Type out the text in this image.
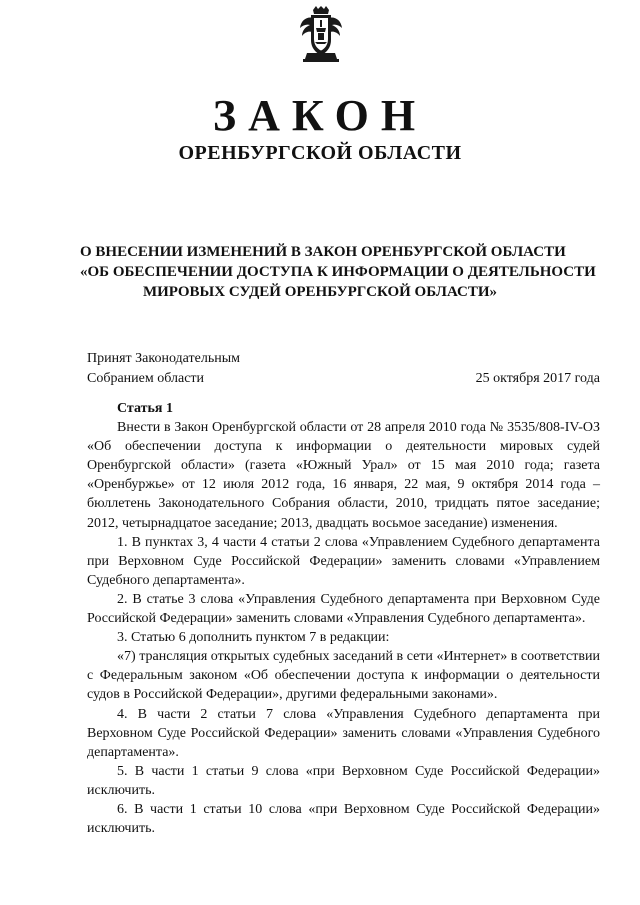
ЗАКОН
ОРЕНБУРГСКОЙ ОБЛАСТИ
О ВНЕСЕНИИ ИЗМЕНЕНИЙ В ЗАКОН ОРЕНБУРГСКОЙ ОБЛАСТИ
«ОБ ОБЕСПЕЧЕНИИ ДОСТУПА К ИНФОРМАЦИИ О ДЕЯТЕЛЬНОСТИ
МИРОВЫХ СУДЕЙ ОРЕНБУРГСКОЙ ОБЛАСТИ»
Принят Законодательным
Собранием области	25 октября 2017 года
Статья 1

Внести в Закон Оренбургской области от 28 апреля 2010 года № 3535/808-IV-ОЗ «Об обеспечении доступа к информации о деятельности мировых судей Оренбургской области» (газета «Южный Урал» от 15 мая 2010 года; газета «Оренбуржье» от 12 июля 2012 года, 16 января, 22 мая, 9 октября 2014 года – бюллетень Законодательного Собрания области, 2010, тридцать пятое заседание; 2012, четырнадцатое заседание; 2013, двадцать восьмое заседание) изменения.

1. В пунктах 3, 4 части 4 статьи 2 слова «Управлением Судебного департамента при Верховном Суде Российской Федерации» заменить словами «Управлением Судебного департамента».

2. В статье 3 слова «Управления Судебного департамента при Верховном Суде Российской Федерации» заменить словами «Управления Судебного департамента».

3. Статью 6 дополнить пунктом 7 в редакции:

«7) трансляция открытых судебных заседаний в сети «Интернет» в соответствии с Федеральным законом «Об обеспечении доступа к информации о деятельности судов в Российской Федерации», другими федеральными законами».

4. В части 2 статьи 7 слова «Управления Судебного департамента при Верховном Суде Российской Федерации» заменить словами «Управления Судебного департамента».

5. В части 1 статьи 9 слова «при Верховном Суде Российской Федерации» исключить.

6. В части 1 статьи 10 слова «при Верховном Суде Российской Федерации» исключить.
